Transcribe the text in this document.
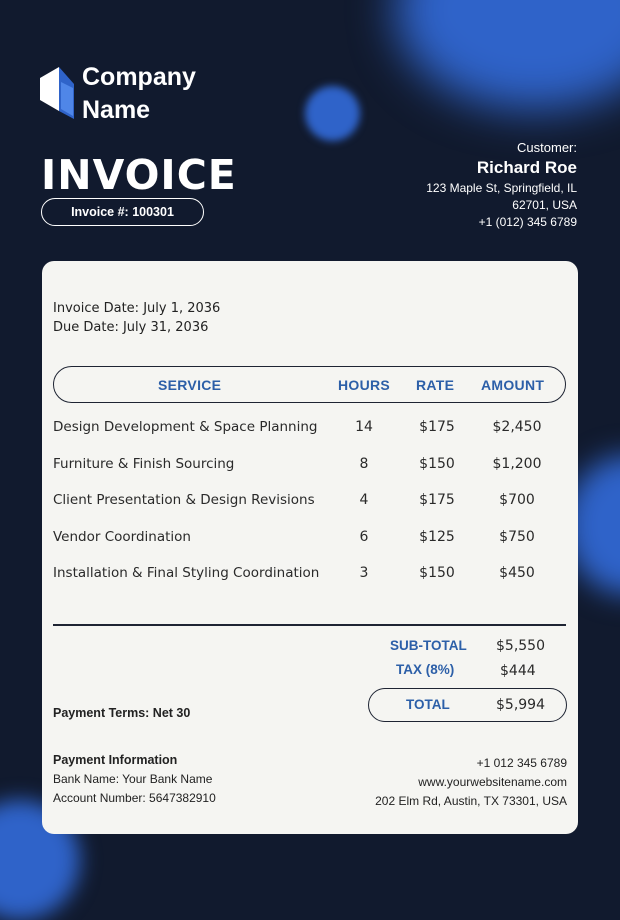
Company
Name
INVOICE
Invoice #: 100301
Customer:
Richard Roe
123 Maple St, Springfield, IL
62701, USA
+1 (012) 345 6789
Invoice Date: July 1, 2036
Due Date: July 31, 2036
SERVICE	HOURS RATE AMOUNT
Design Development & Space Planning	14	$175	$2,450
Furniture & Finish Sourcing	8	$150	$1,200
Client Presentation & Design Revisions	4	$175	$700
Vendor Coordination	6	$125	$750
Installation & Final Styling Coordination	3	$150	$450
SUB-TOTAL $5,550
TAX (8%)	$444
TOTAL	$5,994
Payment Terms: Net 30
Payment Information
Bank Name: Your Bank Name
Account Number: 5647382910
+1 012 345 6789
www.yourwebsitename.com
202 Elm Rd, Austin, TX 73301, USA
